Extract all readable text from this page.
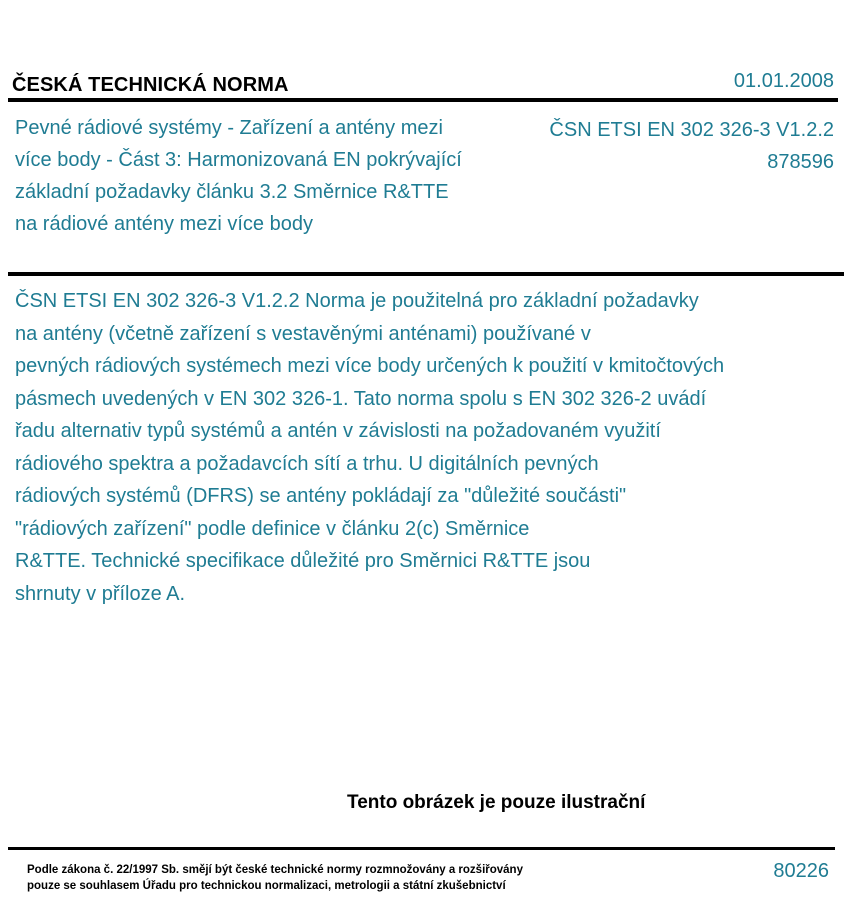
ČESKÁ TECHNICKÁ NORMA	01.01.2008
Pevné rádiové systémy - Zařízení a antény mezi
více body - Část 3: Harmonizovaná EN pokrývající
základní požadavky článku 3.2 Směrnice R&TTE
na rádiové antény mezi více body
ČSN ETSI EN 302 326-3 V1.2.2
878596
ČSN ETSI EN 302 326-3 V1.2.2 Norma je použitelná pro základní požadavky
na antény (včetně zařízení s vestavěnými anténami) používané v
pevných rádiových systémech mezi více body určených k použití v kmitočtových
pásmech uvedených v EN 302 326-1. Tato norma spolu s EN 302 326-2 uvádí
řadu alternativ typů systémů a antén v závislosti na požadovaném využití
rádiového spektra a požadavcích sítí a trhu. U digitálních pevných
rádiových systémů (DFRS) se antény pokládají za "důležité součásti"
"rádiových zařízení" podle definice v článku 2(c) Směrnice
R&TTE. Technické specifikace důležité pro Směrnici R&TTE jsou
shrnuty v příloze A.
Tento obrázek je pouze ilustrační
Podle zákona č. 22/1997 Sb. smějí být české technické normy rozmnožovány a rozšiřovány
pouze se souhlasem Úřadu pro technickou normalizaci, metrologii a státní zkušebnictví
80226
